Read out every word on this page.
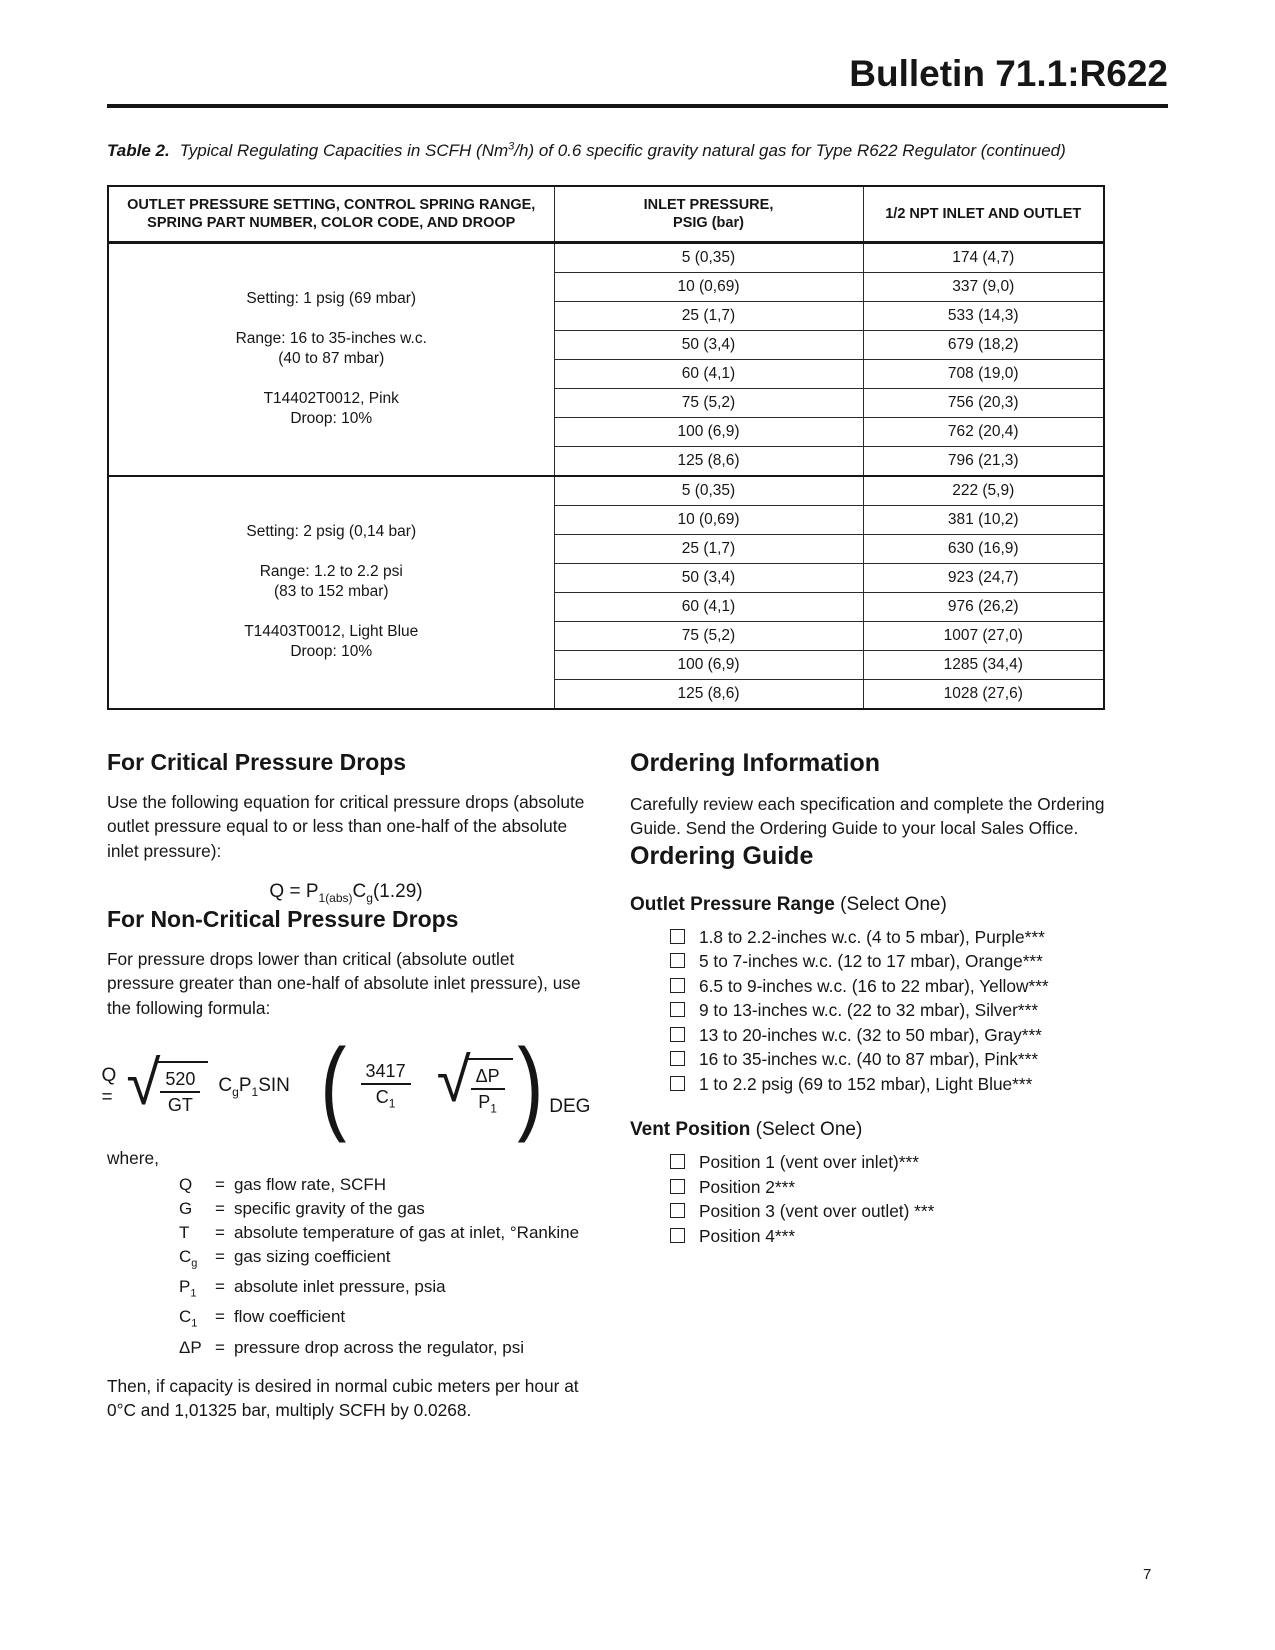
Bulletin 71.1:R622
Table 2. Typical Regulating Capacities in SCFH (Nm$^3$/h) of 0.6 specific gravity natural gas for Type R622 Regulator (continued)
OUTLET PRESSURE SETTING, CONTROL SPRING RANGE,
SPRING PART NUMBER, COLOR CODE, AND DROOP

INLET PRESSURE,
PSIG (bar)

1/2 NPT INLET AND OUTLET

Setting: 1 psig (69 mbar)
Range: 16 to 35-inches w.c.
(40 to 87 mbar)
T14402T0012, Pink
Droop: 10%	5 (0,35)	174 (4,7)
	10 (0,69)	337 (9,0)
	25 (1,7)	533 (14,3)
	50 (3,4)	679 (18,2)
	60 (4,1)	708 (19,0)
	75 (5,2)	756 (20,3)
	100 (6,9)	762 (20,4)
	125 (8,6)	796 (21,3)

Setting: 2 psig (0,14 bar)
Range: 1.2 to 2.2 psi
(83 to 152 mbar)
T14403T0012, Light Blue
Droop: 10%	5 (0,35)	222 (5,9)
	10 (0,69)	381 (10,2)
	25 (1,7)	630 (16,9)
	50 (3,4)	923 (24,7)
	60 (4,1)	976 (26,2)
	75 (5,2)	1007 (27,0)
	100 (6,9)	1285 (34,4)
	125 (8,6)	1028 (27,6)
For Critical Pressure Drops

Use the following equation for critical pressure drops (absolute outlet pressure equal to or less than one-half of the absolute inlet pressure):

$Q = P_{1(abs)}C_g(1.29)$
For Non-Critical Pressure Drops

For pressure drops lower than critical (absolute outlet pressure greater than one-half of absolute inlet pressure), use the following formula:

Q = √ $\frac{520}{GT} C_gP_1SIN$ ( $\frac{3417}{C_1}$ √ $\frac{\Delta P}{P_1}$ ) DEG
where,
Q	= gas flow rate, SCFH
G	= specific gravity of the gas
T	= absolute temperature of gas at inlet, °Rankine
$C_g$	= gas sizing coefficient
$P_1$	= absolute inlet pressure, psia
$C_1$	= flow coefficient
ΔP = pressure drop across the regulator, psi

Then, if capacity is desired in normal cubic meters per hour at 0°C and 1,01325 bar, multiply SCFH by 0.0268.

Ordering Information

Carefully review each specification and complete the Ordering Guide. Send the Ordering Guide to your local Sales Office.

Ordering Guide
Outlet Pressure Range (Select One)
1.8 to 2.2-inches w.c. (4 to 5 mbar), Purple***
5 to 7-inches w.c. (12 to 17 mbar), Orange***
6.5 to 9-inches w.c. (16 to 22 mbar), Yellow***
9 to 13-inches w.c. (22 to 32 mbar), Silver***
13 to 20-inches w.c. (32 to 50 mbar), Gray***
16 to 35-inches w.c. (40 to 87 mbar), Pink***
1 to 2.2 psig (69 to 152 mbar), Light Blue***
Vent Position (Select One)
Position 1 (vent over inlet)***
Position 2***
Position 3 (vent over outlet) ***
Position 4***
7
